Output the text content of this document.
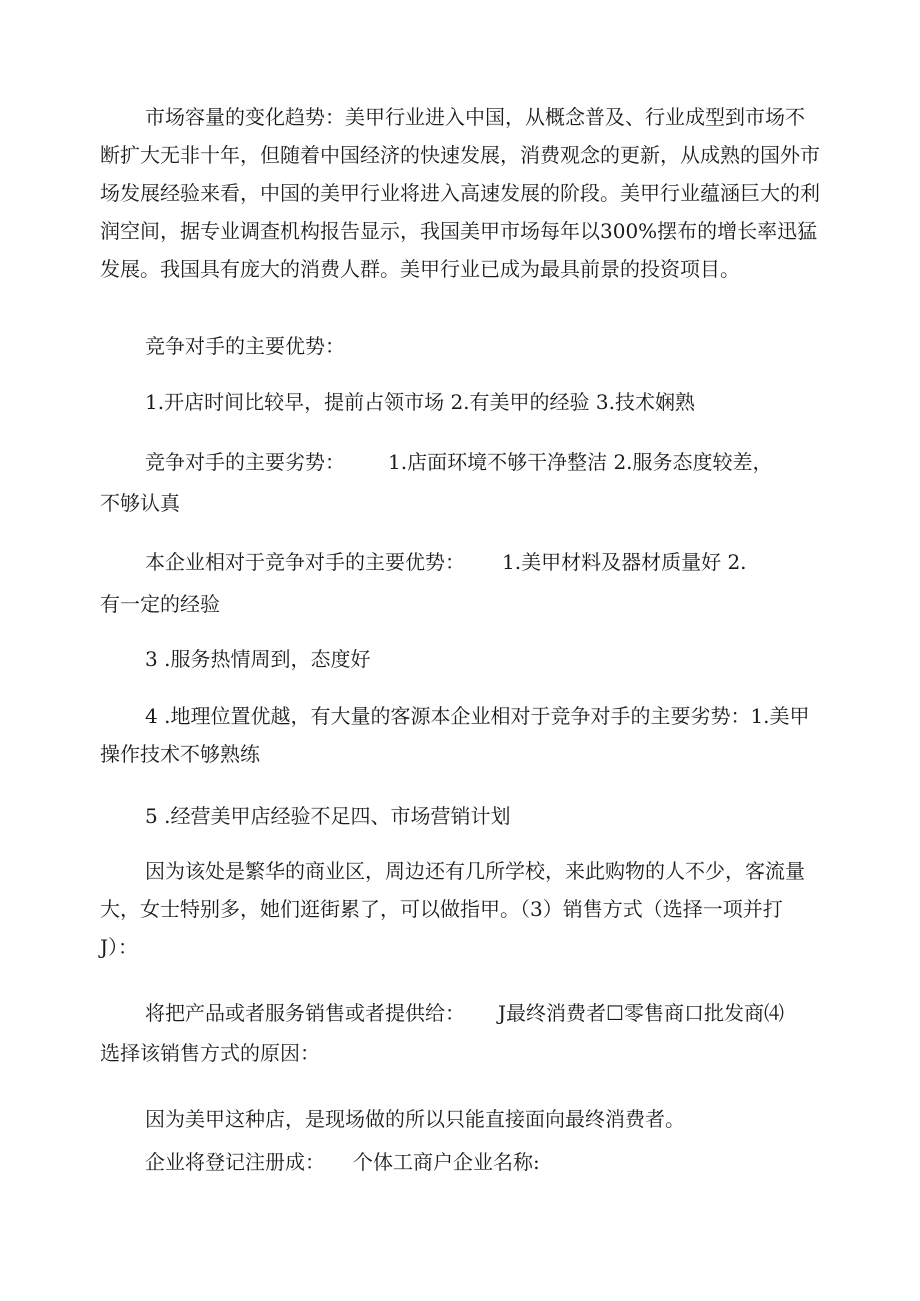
市场容量的变化趋势：美甲行业进入中国，从概念普及、行业成型到市场不断扩大无非十年，但随着中国经济的快速发展，消费观念的更新，从成熟的国外市场发展经验来看，中国的美甲行业将进入高速发展的阶段。美甲行业蕴涵巨大的利润空间，据专业调查机构报告显示，我国美甲市场每年以300%摆布的增长率迅猛发展。我国具有庞大的消费人群。美甲行业已成为最具前景的投资项目。

竞争对手的主要优势：

1.开店时间比较早，提前占领市场 2.有美甲的经验 3.技术娴熟

竞争对手的主要劣势： 1.店面环境不够干净整洁 2.服务态度较差，

不够认真

本企业相对于竞争对手的主要优势： 1.美甲材料及器材质量好 2.

有一定的经验

3 .服务热情周到，态度好

4 .地理位置优越，有大量的客源本企业相对于竞争对手的主要劣势：1.美甲操作技术不够熟练

5 .经营美甲店经验不足四、市场营销计划

因为该处是繁华的商业区，周边还有几所学校，来此购物的人不少，客流量大，女士特别多，她们逛街累了，可以做指甲。（3）销售方式（选择一项并打J）：

将把产品或者服务销售或者提供给： J最终消费者☐零售商口批发商⑷

选择该销售方式的原因：

因为美甲这种店，是现场做的所以只能直接面向最终消费者。

企业将登记注册成： 个体工商户企业名称:
